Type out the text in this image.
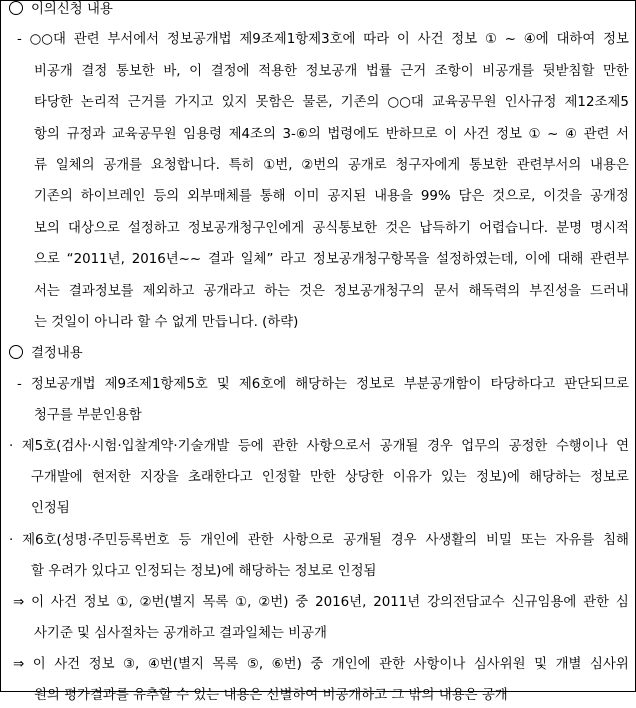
이의신청 내용
- ○○대 관련 부서에서 정보공개법 제9조제1항제3호에 따라 이 사건 정보 ① ~ ④에 대하여 정보
비공개 결정 통보한 바, 이 결정에 적용한 정보공개 법률 근거 조항이 비공개를 뒷받침할 만한
타당한 논리적 근거를 가지고 있지 못함은 물론, 기존의 ○○대 교육공무원 인사규정 제12조제5
항의 규정과 교육공무원 임용령 제4조의 3-⑥의 법령에도 반하므로 이 사건 정보 ① ~ ④ 관련 서
류 일체의 공개를 요청합니다. 특히 ①번, ②번의 공개로 청구자에게 통보한 관련부서의 내용은
기존의 하이브레인 등의 외부매체를 통해 이미 공지된 내용을 99% 담은 것으로, 이것을 공개정
보의 대상으로 설정하고 정보공개청구인에게 공식통보한 것은 납득하기 어렵습니다. 분명 명시적
으로 “2011년, 2016년~~ 결과 일체” 라고 정보공개청구항목을 설정하였는데, 이에 대해 관련부
서는 결과정보를 제외하고 공개라고 하는 것은 정보공개청구의 문서 해독력의 부진성을 드러내
는 것일이 아니라 할 수 없게 만듭니다. (하략)
결정내용
- 정보공개법 제9조제1항제5호 및 제6호에 해당하는 정보로 부분공개함이 타당하다고 판단되므로
청구를 부분인용함
· 제5호(검사·시험·입찰계약·기술개발 등에 관한 사항으로서 공개될 경우 업무의 공정한 수행이나 연
구개발에 현저한 지장을 초래한다고 인정할 만한 상당한 이유가 있는 정보)에 해당하는 정보로
인정됨
· 제6호(성명·주민등록번호 등 개인에 관한 사항으로 공개될 경우 사생활의 비밀 또는 자유를 침해
할 우려가 있다고 인정되는 정보)에 해당하는 정보로 인정됨
⇒ 이 사건 정보 ①, ②번(별지 목록 ①, ②번) 중 2016년, 2011년 강의전담교수 신규임용에 관한 심
사기준 및 심사절차는 공개하고 결과일체는 비공개
⇒ 이 사건 정보 ③, ④번(별지 목록 ⑤, ⑥번) 중 개인에 관한 사항이나 심사위원 및 개별 심사위
원의 평가결과를 유추할 수 있는 내용은 선별하여 비공개하고 그 밖의 내용은 공개
